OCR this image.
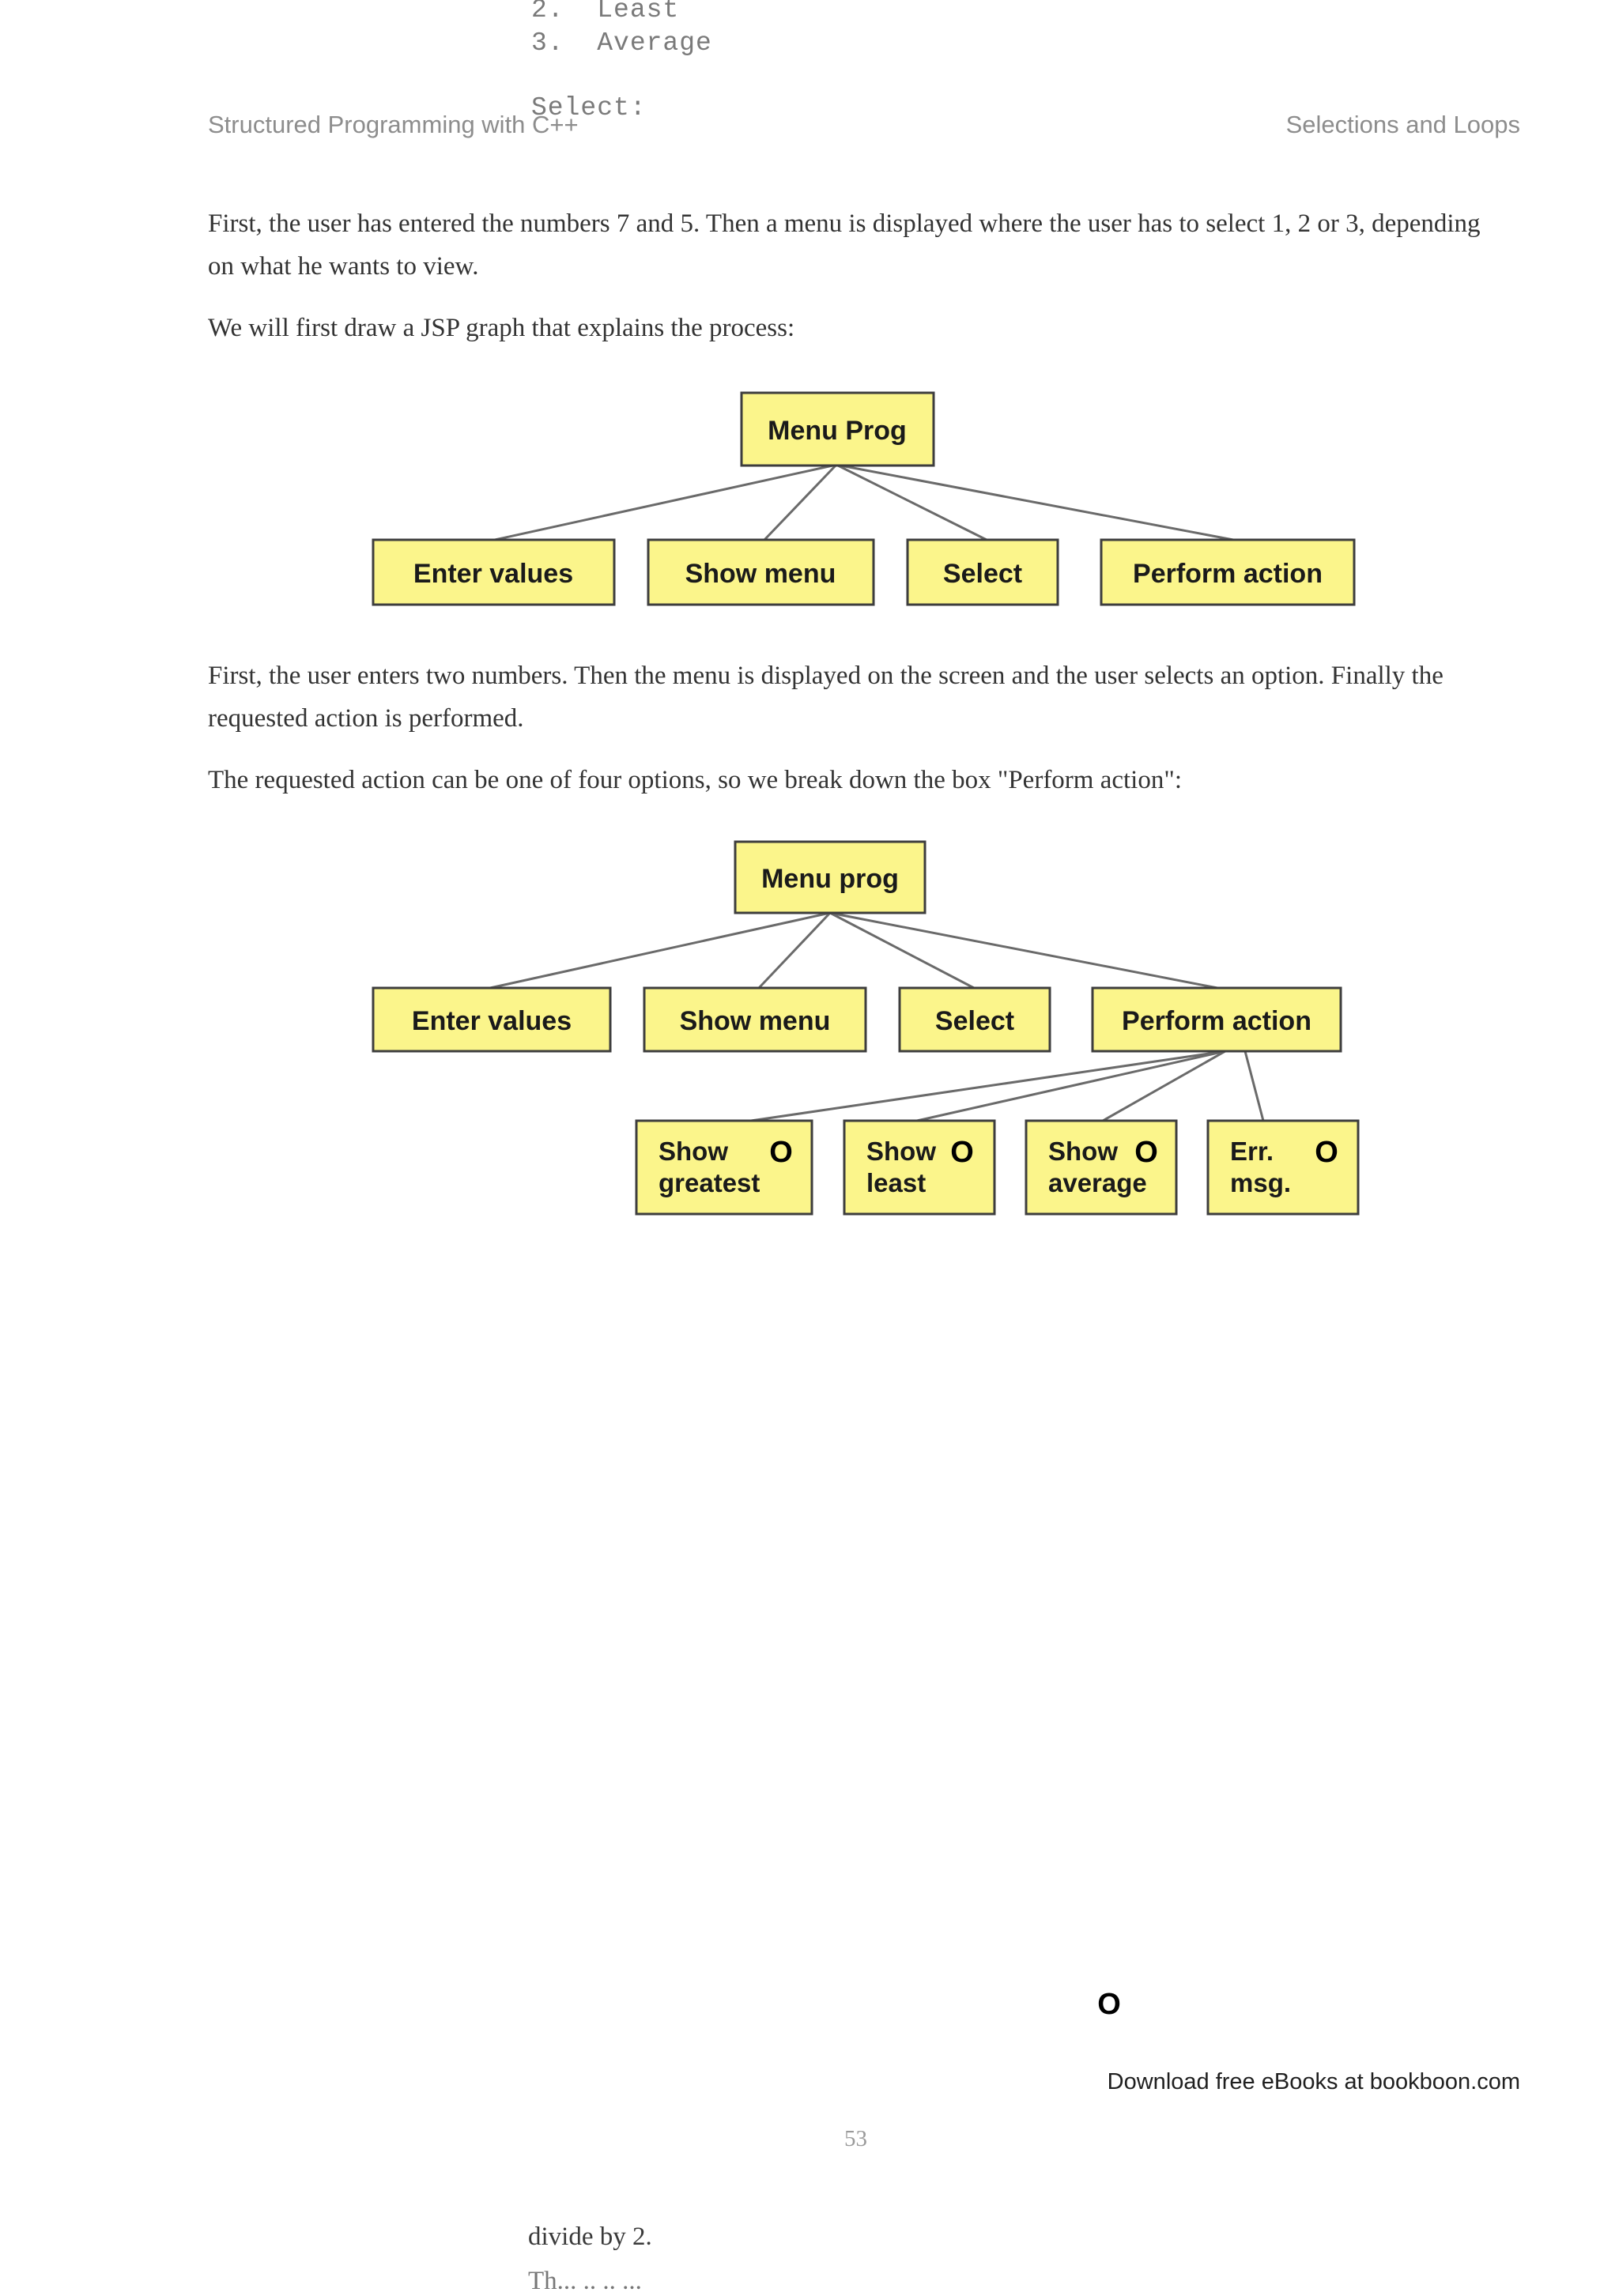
2.  Least
3.  Average
Select:
Structured Programming with C++	Selections and Loops
First, the user has entered the numbers 7 and 5. Then a menu is displayed where the user has to select 1, 2 or 3, depending
on what he wants to view.
We will first draw a JSP graph that explains the process:
Menu Prog
Enter values	Show menu	Select	Perform action
First, the user enters two numbers. Then the menu is displayed on the screen and the user selects an option. Finally the
requested action is performed.
The requested action can be one of four options, so we break down the box "Perform action":
Menu prog
Enter values	Show menu	Select	Perform action
Show
greatest
O	Show
least
O	Show
average
O	Err.
msg.
O
O
Download free eBooks at bookboon.com
53
divide by 2.
Th... .. .. ...
